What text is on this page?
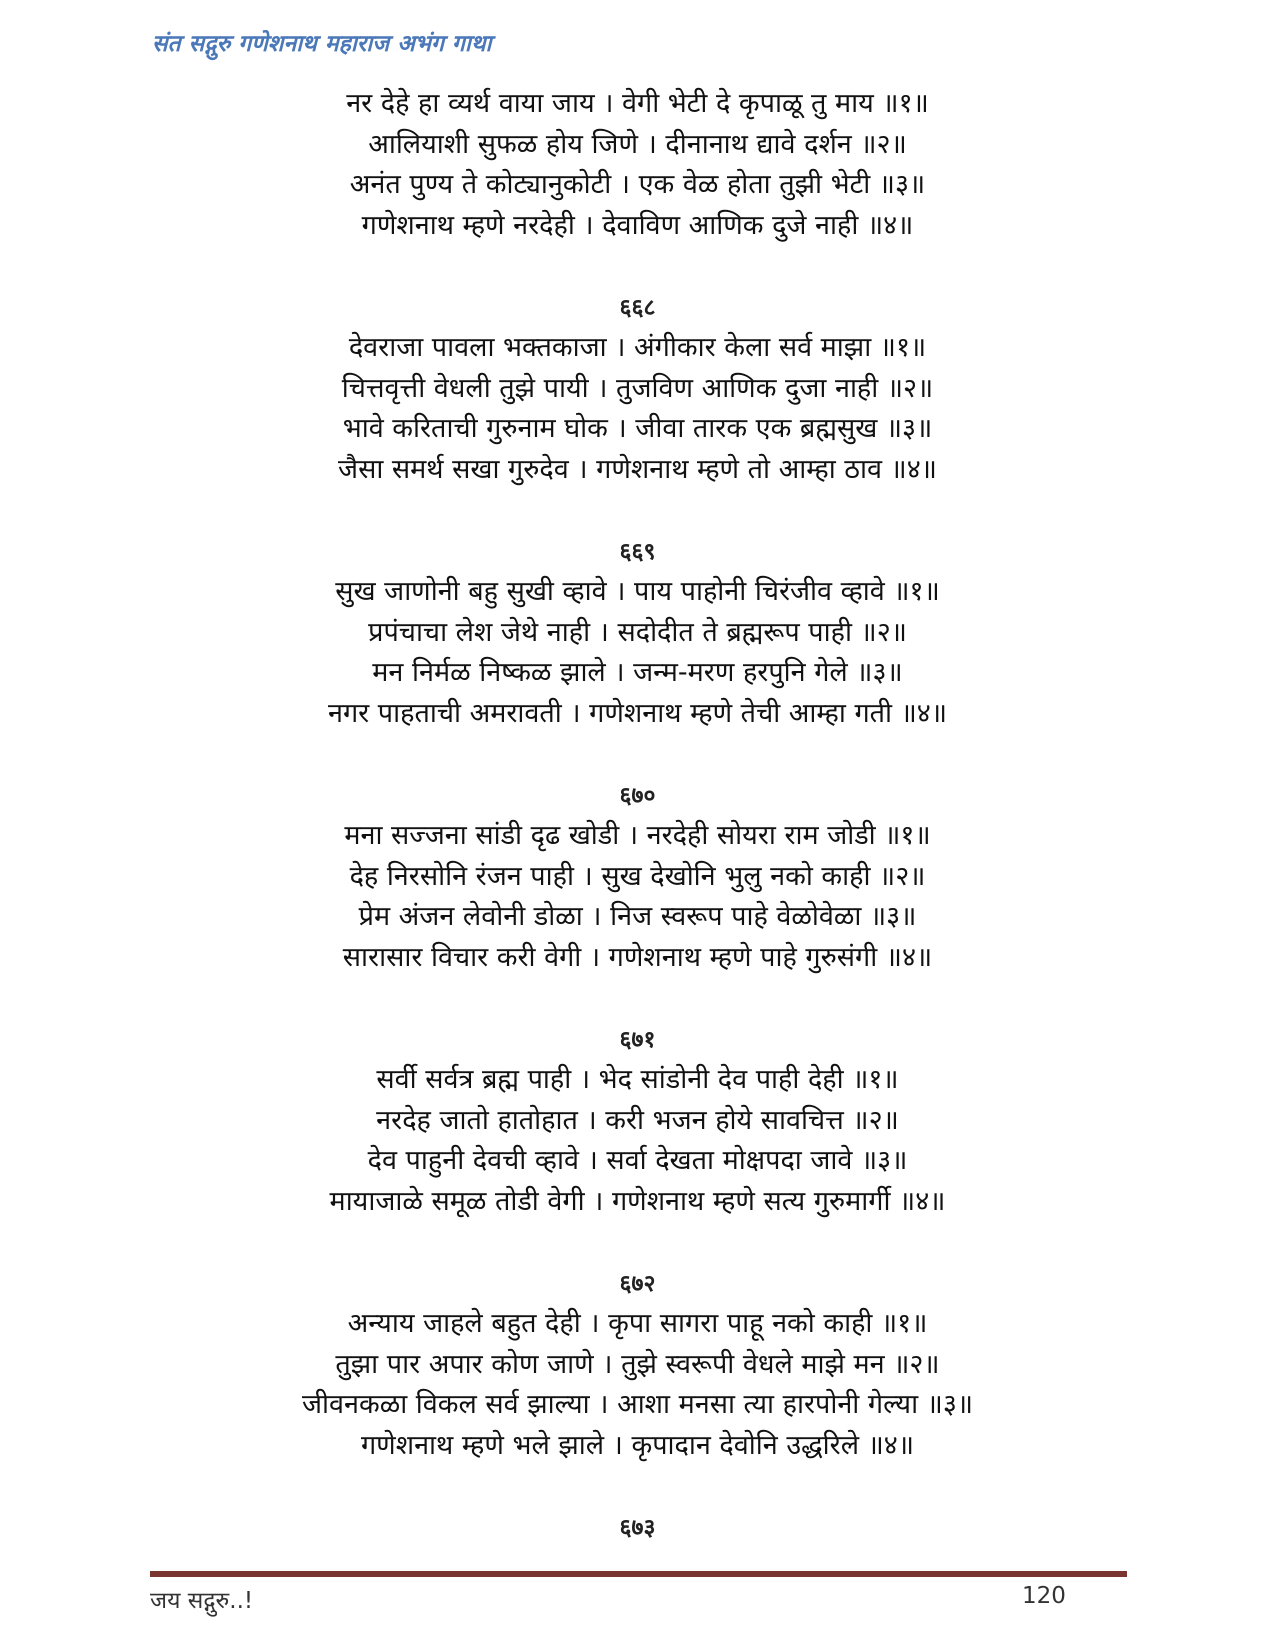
संत सद्गुरु गणेशनाथ महाराज अभंग गाथा
नर देहे हा व्यर्थ वाया जाय । वेगी भेटी दे कृपाळू तु माय ॥१॥
आलियाशी सुफळ होय जिणे । दीनानाथ द्यावे दर्शन ॥२॥
अनंत पुण्य ते कोट्यानुकोटी । एक वेळ होता तुझी भेटी ॥३॥
गणेशनाथ म्हणे नरदेही । देवाविण आणिक दुजे नाही ॥४॥
६६८
देवराजा पावला भक्तकाजा । अंगीकार केला सर्व माझा ॥१॥
चित्तवृत्ती वेधली तुझे पायी । तुजविण आणिक दुजा नाही ॥२॥
भावे करिताची गुरुनाम घोक । जीवा तारक एक ब्रह्मसुख ॥३॥
जैसा समर्थ सखा गुरुदेव । गणेशनाथ म्हणे तो आम्हा ठाव ॥४॥
६६९
सुख जाणोनी बहु सुखी व्हावे । पाय पाहोनी चिरंजीव व्हावे ॥१॥
प्रपंचाचा लेश जेथे नाही । सदोदीत ते ब्रह्मरूप पाही ॥२॥
मन निर्मळ निष्कळ झाले । जन्म-मरण हरपुनि गेले ॥३॥
नगर पाहताची अमरावती । गणेशनाथ म्हणे तेची आम्हा गती ॥४॥
६७०
मना सज्जना सांडी दृढ खोडी । नरदेही सोयरा राम जोडी ॥१॥
देह निरसोनि रंजन पाही । सुख देखोनि भुलु नको काही ॥२॥
प्रेम अंजन लेवोनी डोळा । निज स्वरूप पाहे वेळोवेळा ॥३॥
सारासार विचार करी वेगी । गणेशनाथ म्हणे पाहे गुरुसंगी ॥४॥
६७१
सर्वी सर्वत्र ब्रह्म पाही । भेद सांडोनी देव पाही देही ॥१॥
नरदेह जातो हातोहात । करी भजन होये सावचित्त ॥२॥
देव पाहुनी देवची व्हावे । सर्वा देखता मोक्षपदा जावे ॥३॥
मायाजाळे समूळ तोडी वेगी । गणेशनाथ म्हणे सत्य गुरुमार्गी ॥४॥
६७२
अन्याय जाहले बहुत देही । कृपा सागरा पाहू नको काही ॥१॥
तुझा पार अपार कोण जाणे । तुझे स्वरूपी वेधले माझे मन ॥२॥
जीवनकळा विकल सर्व झाल्या । आशा मनसा त्या हारपोनी गेल्या ॥३॥
गणेशनाथ म्हणे भले झाले । कृपादान देवोनि उद्धरिले ॥४॥
६७३
जय सद्गुरु..!	120
